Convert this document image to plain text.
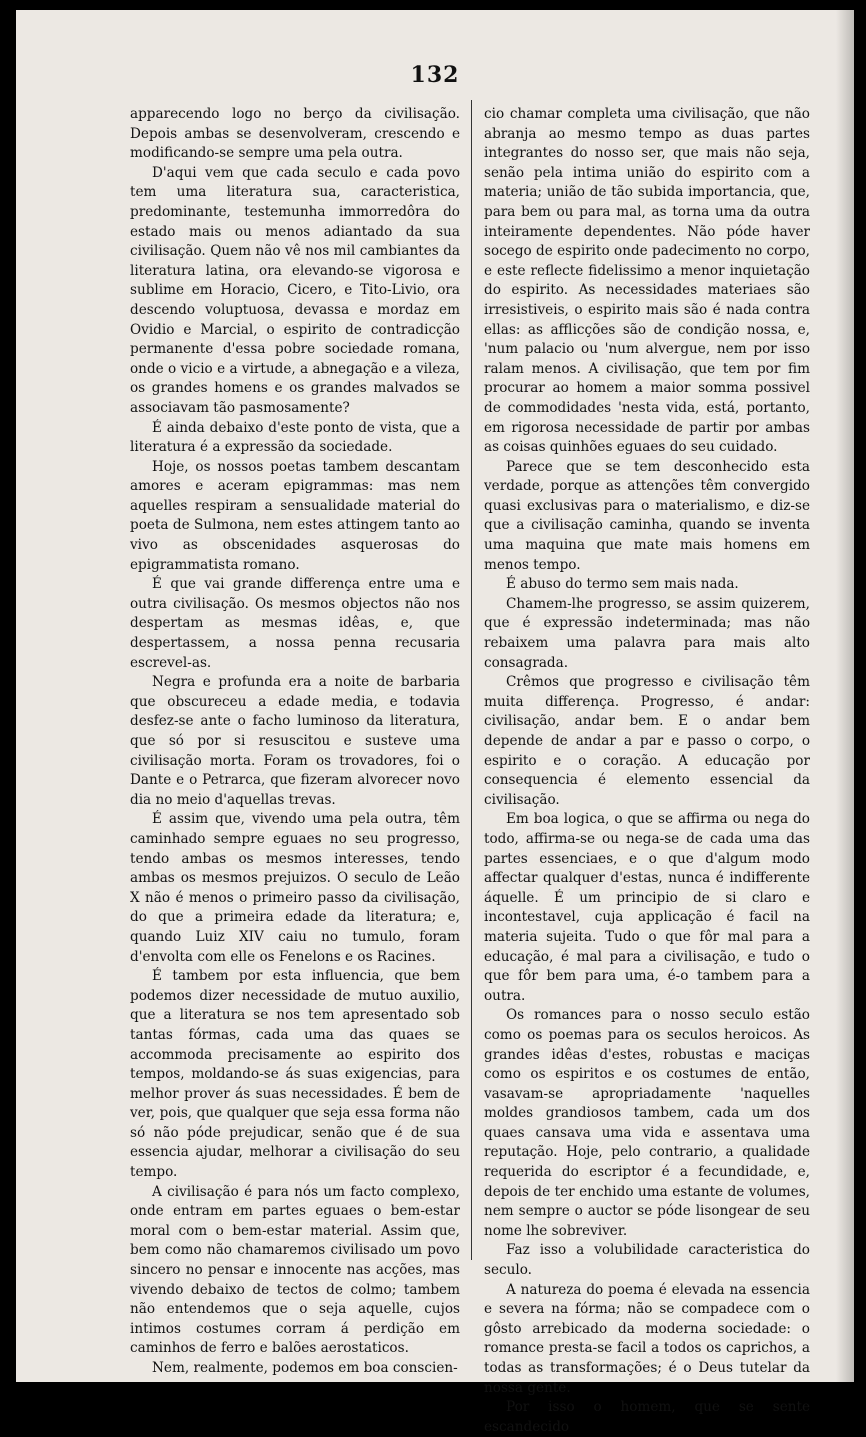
132

apparecendo logo no berço da civilisação. Depois ambas se desenvolveram, crescendo e modificando-se sempre uma pela outra.

D'aqui vem que cada seculo e cada povo tem uma literatura sua, caracteristica, predominante, testemunha immorredôra do estado mais ou menos adiantado da sua civilisação. Quem não vê nos mil cambiantes da literatura latina, ora elevando-se vigorosa e sublime em Horacio, Cicero, e Tito-Livio, ora descendo voluptuosa, devassa e mordaz em Ovidio e Marcial, o espirito de contradicção permanente d'essa pobre sociedade romana, onde o vicio e a virtude, a abnegação e a vileza, os grandes homens e os grandes malvados se associavam tão pasmosamente?

É ainda debaixo d'este ponto de vista, que a literatura é a expressão da sociedade.

Hoje, os nossos poetas tambem descantam amores e aceram epigrammas: mas nem aquelles respiram a sensualidade material do poeta de Sulmona, nem estes attingem tanto ao vivo as obscenidades asquerosas do epigrammatista romano.

É que vai grande differença entre uma e outra civilisação. Os mesmos objectos não nos despertam as mesmas idêas, e, que despertassem, a nossa penna recusaria escrevel-as.

Negra e profunda era a noite de barbaria que obscureceu a edade media, e todavia desfez-se ante o facho luminoso da literatura, que só por si resuscitou e susteve uma civilisação morta. Foram os trovadores, foi o Dante e o Petrarca, que fizeram alvorecer novo dia no meio d'aquellas trevas.

É assim que, vivendo uma pela outra, têm caminhado sempre eguaes no seu progresso, tendo ambas os mesmos interesses, tendo ambas os mesmos prejuizos. O seculo de Leão X não é menos o primeiro passo da civilisação, do que a primeira edade da literatura; e, quando Luiz XIV caiu no tumulo, foram d'envolta com elle os Fenelons e os Racines.

É tambem por esta influencia, que bem podemos dizer necessidade de mutuo auxilio, que a literatura se nos tem apresentado sob tantas fórmas, cada uma das quaes se accommoda precisamente ao espirito dos tempos, moldando-se ás suas exigencias, para melhor prover ás suas necessidades. É bem de ver, pois, que qualquer que seja essa forma não só não póde prejudicar, senão que é de sua essencia ajudar, melhorar a civilisação do seu tempo.

A civilisação é para nós um facto complexo, onde entram em partes eguaes o bem-estar moral com o bem-estar material. Assim que, bem como não chamaremos civilisado um povo sincero no pensar e innocente nas acções, mas vivendo debaixo de tectos de colmo; tambem não entendemos que o seja aquelle, cujos intimos costumes corram á perdição em caminhos de ferro e balões aerostaticos.

Nem, realmente, podemos em boa conscien-

cio chamar completa uma civilisação, que não abranja ao mesmo tempo as duas partes integrantes do nosso ser, que mais não seja, senão pela intima união do espirito com a materia; união de tão subida importancia, que, para bem ou para mal, as torna uma da outra inteiramente dependentes. Não póde haver socego de espirito onde padecimento no corpo, e este reflecte fidelissimo a menor inquietação do espirito. As necessidades materiaes são irresistiveis, o espirito mais são é nada contra ellas: as afflicções são de condição nossa, e, 'num palacio ou 'num alvergue, nem por isso ralam menos. A civilisação, que tem por fim procurar ao homem a maior somma possivel de commodidades 'nesta vida, está, portanto, em rigorosa necessidade de partir por ambas as coisas quinhões eguaes do seu cuidado.

Parece que se tem desconhecido esta verdade, porque as attenções têm convergido quasi exclusivas para o materialismo, e diz-se que a civilisação caminha, quando se inventa uma maquina que mate mais homens em menos tempo.

É abuso do termo sem mais nada.

Chamem-lhe progresso, se assim quizerem, que é expressão indeterminada; mas não rebaixem uma palavra para mais alto consagrada.

Crêmos que progresso e civilisação têm muita differença. Progresso, é andar: civilisação, andar bem. E o andar bem depende de andar a par e passo o corpo, o espirito e o coração. A educação por consequencia é elemento essencial da civilisação.

Em boa logica, o que se affirma ou nega do todo, affirma-se ou nega-se de cada uma das partes essenciaes, e o que d'algum modo affectar qualquer d'estas, nunca é indifferente áquelle. É um principio de si claro e incontestavel, cuja applicação é facil na materia sujeita. Tudo o que fôr mal para a educação, é mal para a civilisação, e tudo o que fôr bem para uma, é-o tambem para a outra.

Os romances para o nosso seculo estão como os poemas para os seculos heroicos. As grandes idêas d'estes, robustas e maciças como os espiritos e os costumes de então, vasavam-se apropriadamente 'naquelles moldes grandiosos tambem, cada um dos quaes cansava uma vida e assentava uma reputação. Hoje, pelo contrario, a qualidade requerida do escriptor é a fecundidade, e, depois de ter enchido uma estante de volumes, nem sempre o auctor se póde lisongear de seu nome lhe sobreviver.

Faz isso a volubilidade caracteristica do seculo.

A natureza do poema é elevada na essencia e severa na fórma; não se compadece com o gôsto arrebicado da moderna sociedade: o romance presta-se facil a todos os caprichos, a todas as transformações; é o Deus tutelar da nossa gente.

Por isso o homem, que se sente escandecido
